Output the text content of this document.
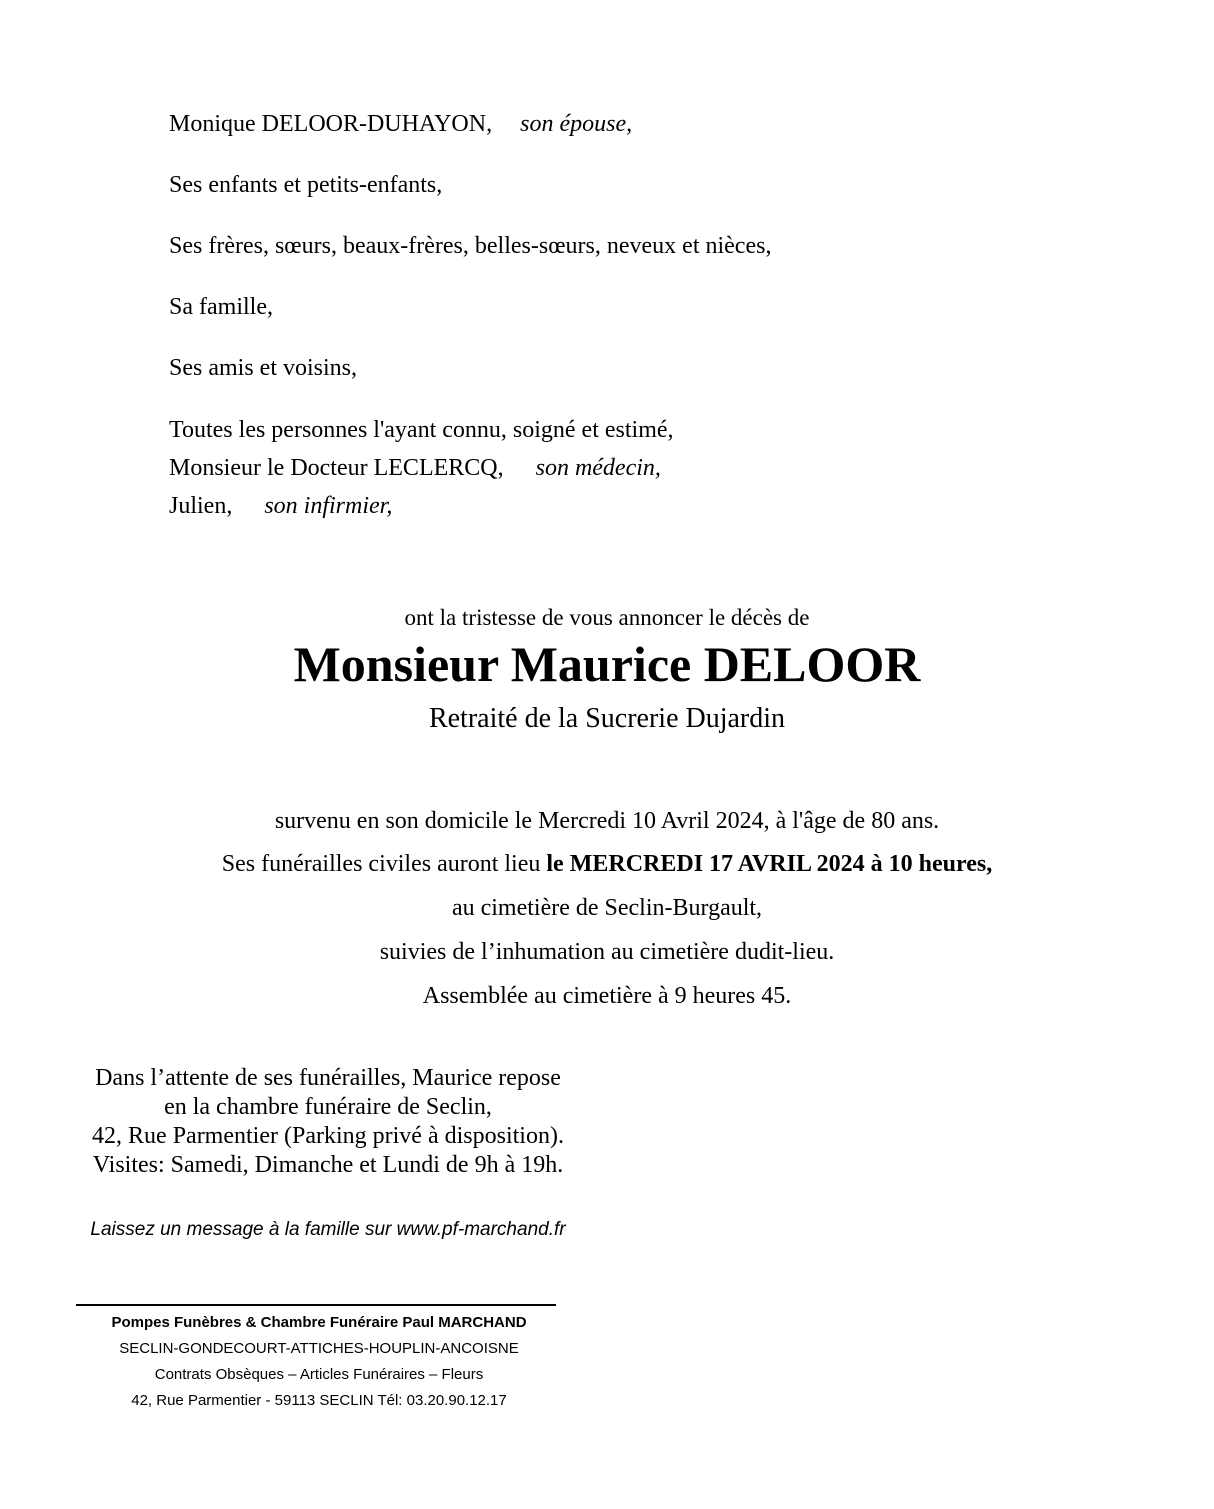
Monique DELOOR-DUHAYON, son épouse,
Ses enfants et petits-enfants,
Ses frères, sœurs, beaux-frères, belles-sœurs, neveux et nièces,
Sa famille,
Ses amis et voisins,
Toutes les personnes l'ayant connu, soigné et estimé,
Monsieur le Docteur LECLERCQ, son médecin,
Julien, son infirmier,
ont la tristesse de vous annoncer le décès de
Monsieur Maurice DELOOR
Retraité de la Sucrerie Dujardin
survenu en son domicile le Mercredi 10 Avril 2024, à l'âge de 80 ans.
Ses funérailles civiles auront lieu le MERCREDI 17 AVRIL 2024 à 10 heures,
au cimetière de Seclin-Burgault,
suivies de l’inhumation au cimetière dudit-lieu.
Assemblée au cimetière à 9 heures 45.
Dans l’attente de ses funérailles, Maurice repose
en la chambre funéraire de Seclin,
42, Rue Parmentier (Parking privé à disposition).
Visites: Samedi, Dimanche et Lundi de 9h à 19h.
Laissez un message à la famille sur www.pf-marchand.fr
Pompes Funèbres & Chambre Funéraire Paul MARCHAND
SECLIN-GONDECOURT-ATTICHES-HOUPLIN-ANCOISNE
Contrats Obsèques – Articles Funéraires – Fleurs
42, Rue Parmentier - 59113 SECLIN Tél: 03.20.90.12.17
